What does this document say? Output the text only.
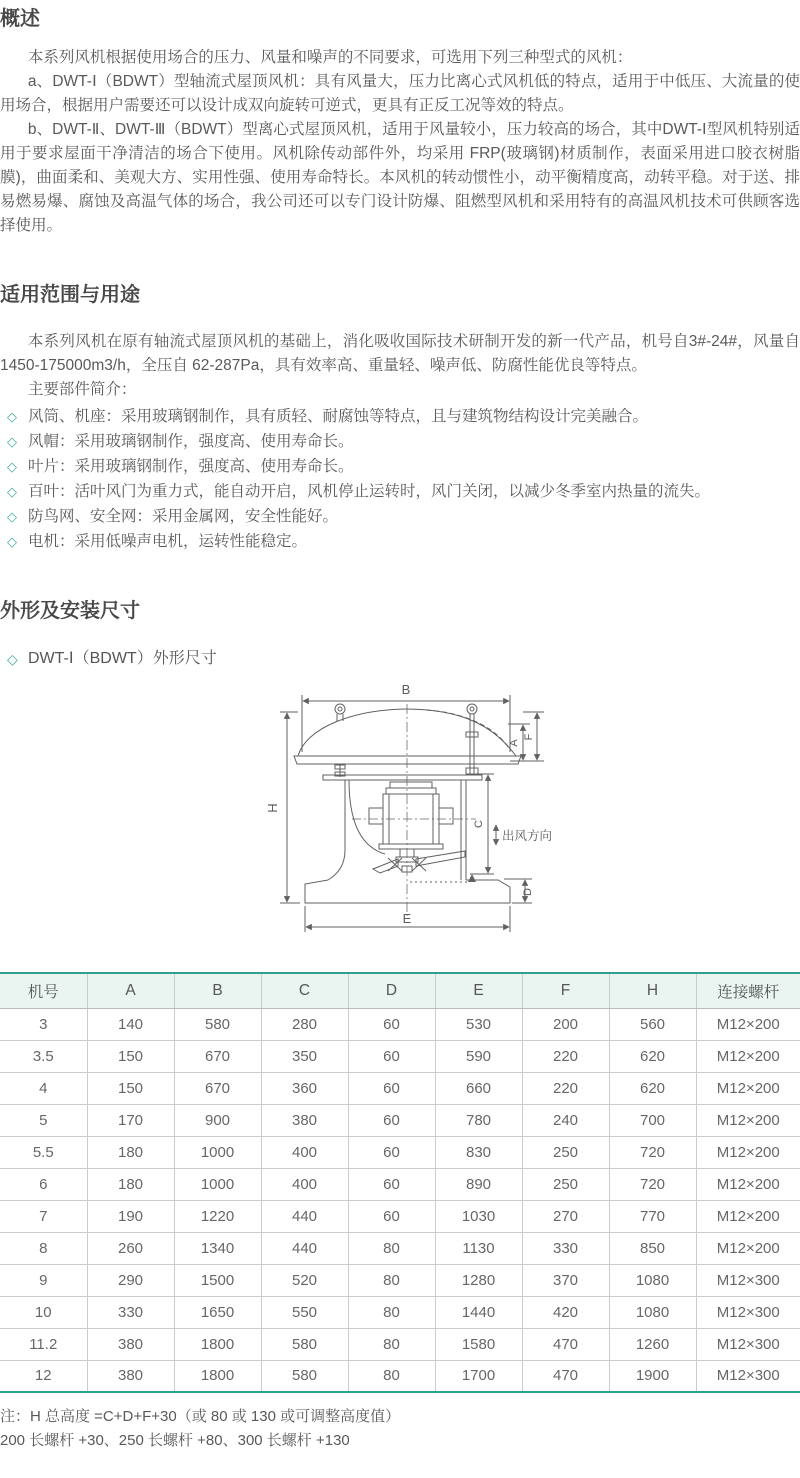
概述

本系列风机根据使用场合的压力、风量和噪声的不同要求，可选用下列三种型式的风机：

a、DWT-Ⅰ（BDWT）型轴流式屋顶风机：具有风量大，压力比离心式风机低的特点，适用于中低压、大流量的使用场合，根据用户需要还可以设计成双向旋转可逆式，更具有正反工况等效的特点。

b、DWT-Ⅱ、DWT-Ⅲ（BDWT）型离心式屋顶风机，适用于风量较小，压力较高的场合，其中DWT-Ⅰ型风机特别适用于要求屋面干净清洁的场合下使用。风机除传动部件外，均采用 FRP(玻璃钢)材质制作，表面采用进口胶衣树脂膜)，曲面柔和、美观大方、实用性强、使用寿命特长。本风机的转动惯性小，动平衡精度高，动转平稳。对于送、排易燃易爆、腐蚀及高温气体的场合，我公司还可以专门设计防爆、阻燃型风机和采用特有的高温风机技术可供顾客选择使用。

适用范围与用途

本系列风机在原有轴流式屋顶风机的基础上，消化吸收国际技术研制开发的新一代产品，机号自3#-24#，风量自 1450-175000m3/h，全压自 62-287Pa，具有效率高、重量轻、噪声低、防腐性能优良等特点。

主要部件简介：

◇ 风筒、机座：采用玻璃钢制作，具有质轻、耐腐蚀等特点，且与建筑物结构设计完美融合。
◇ 风帽：采用玻璃钢制作，强度高、使用寿命长。
◇ 叶片：采用玻璃钢制作，强度高、使用寿命长。
◇ 百叶：活叶风门为重力式，能自动开启，风机停止运转时，风门关闭，以减少冬季室内热量的流失。
◇ 防鸟网、安全网：采用金属网，安全性能好。
◇ 电机：采用低噪声电机，运转性能稳定。
外形及安装尺寸
◇ DWT-Ⅰ（BDWT）外形尺寸
B
H
A
F
C
D
E
出风方向
机号	A	B	C	D	E	F	H	连接螺杆
3	140	580	280	60	530	200	560	M12×200
3.5	150	670	350	60	590	220	620	M12×200
4	150	670	360	60	660	220	620	M12×200
5	170	900	380	60	780	240	700	M12×200
5.5	180	1000	400	60	830	250	720	M12×200
6	180	1000	400	60	890	250	720	M12×200
7	190	1220	440	60	1030	270	770	M12×200
8	260	1340	440	80	1130	330	850	M12×200
9	290	1500	520	80	1280	370	1080	M12×300
10	330	1650	550	80	1440	420	1080	M12×300
11.2	380	1800	580	80	1580	470	1260	M12×300
12	380	1800	580	80	1700	470	1900	M12×300

注：H 总高度 =C+D+F+30（或 80 或 130 或可调整高度值）

200 长螺杆 +30、250 长螺杆 +80、300 长螺杆 +130
